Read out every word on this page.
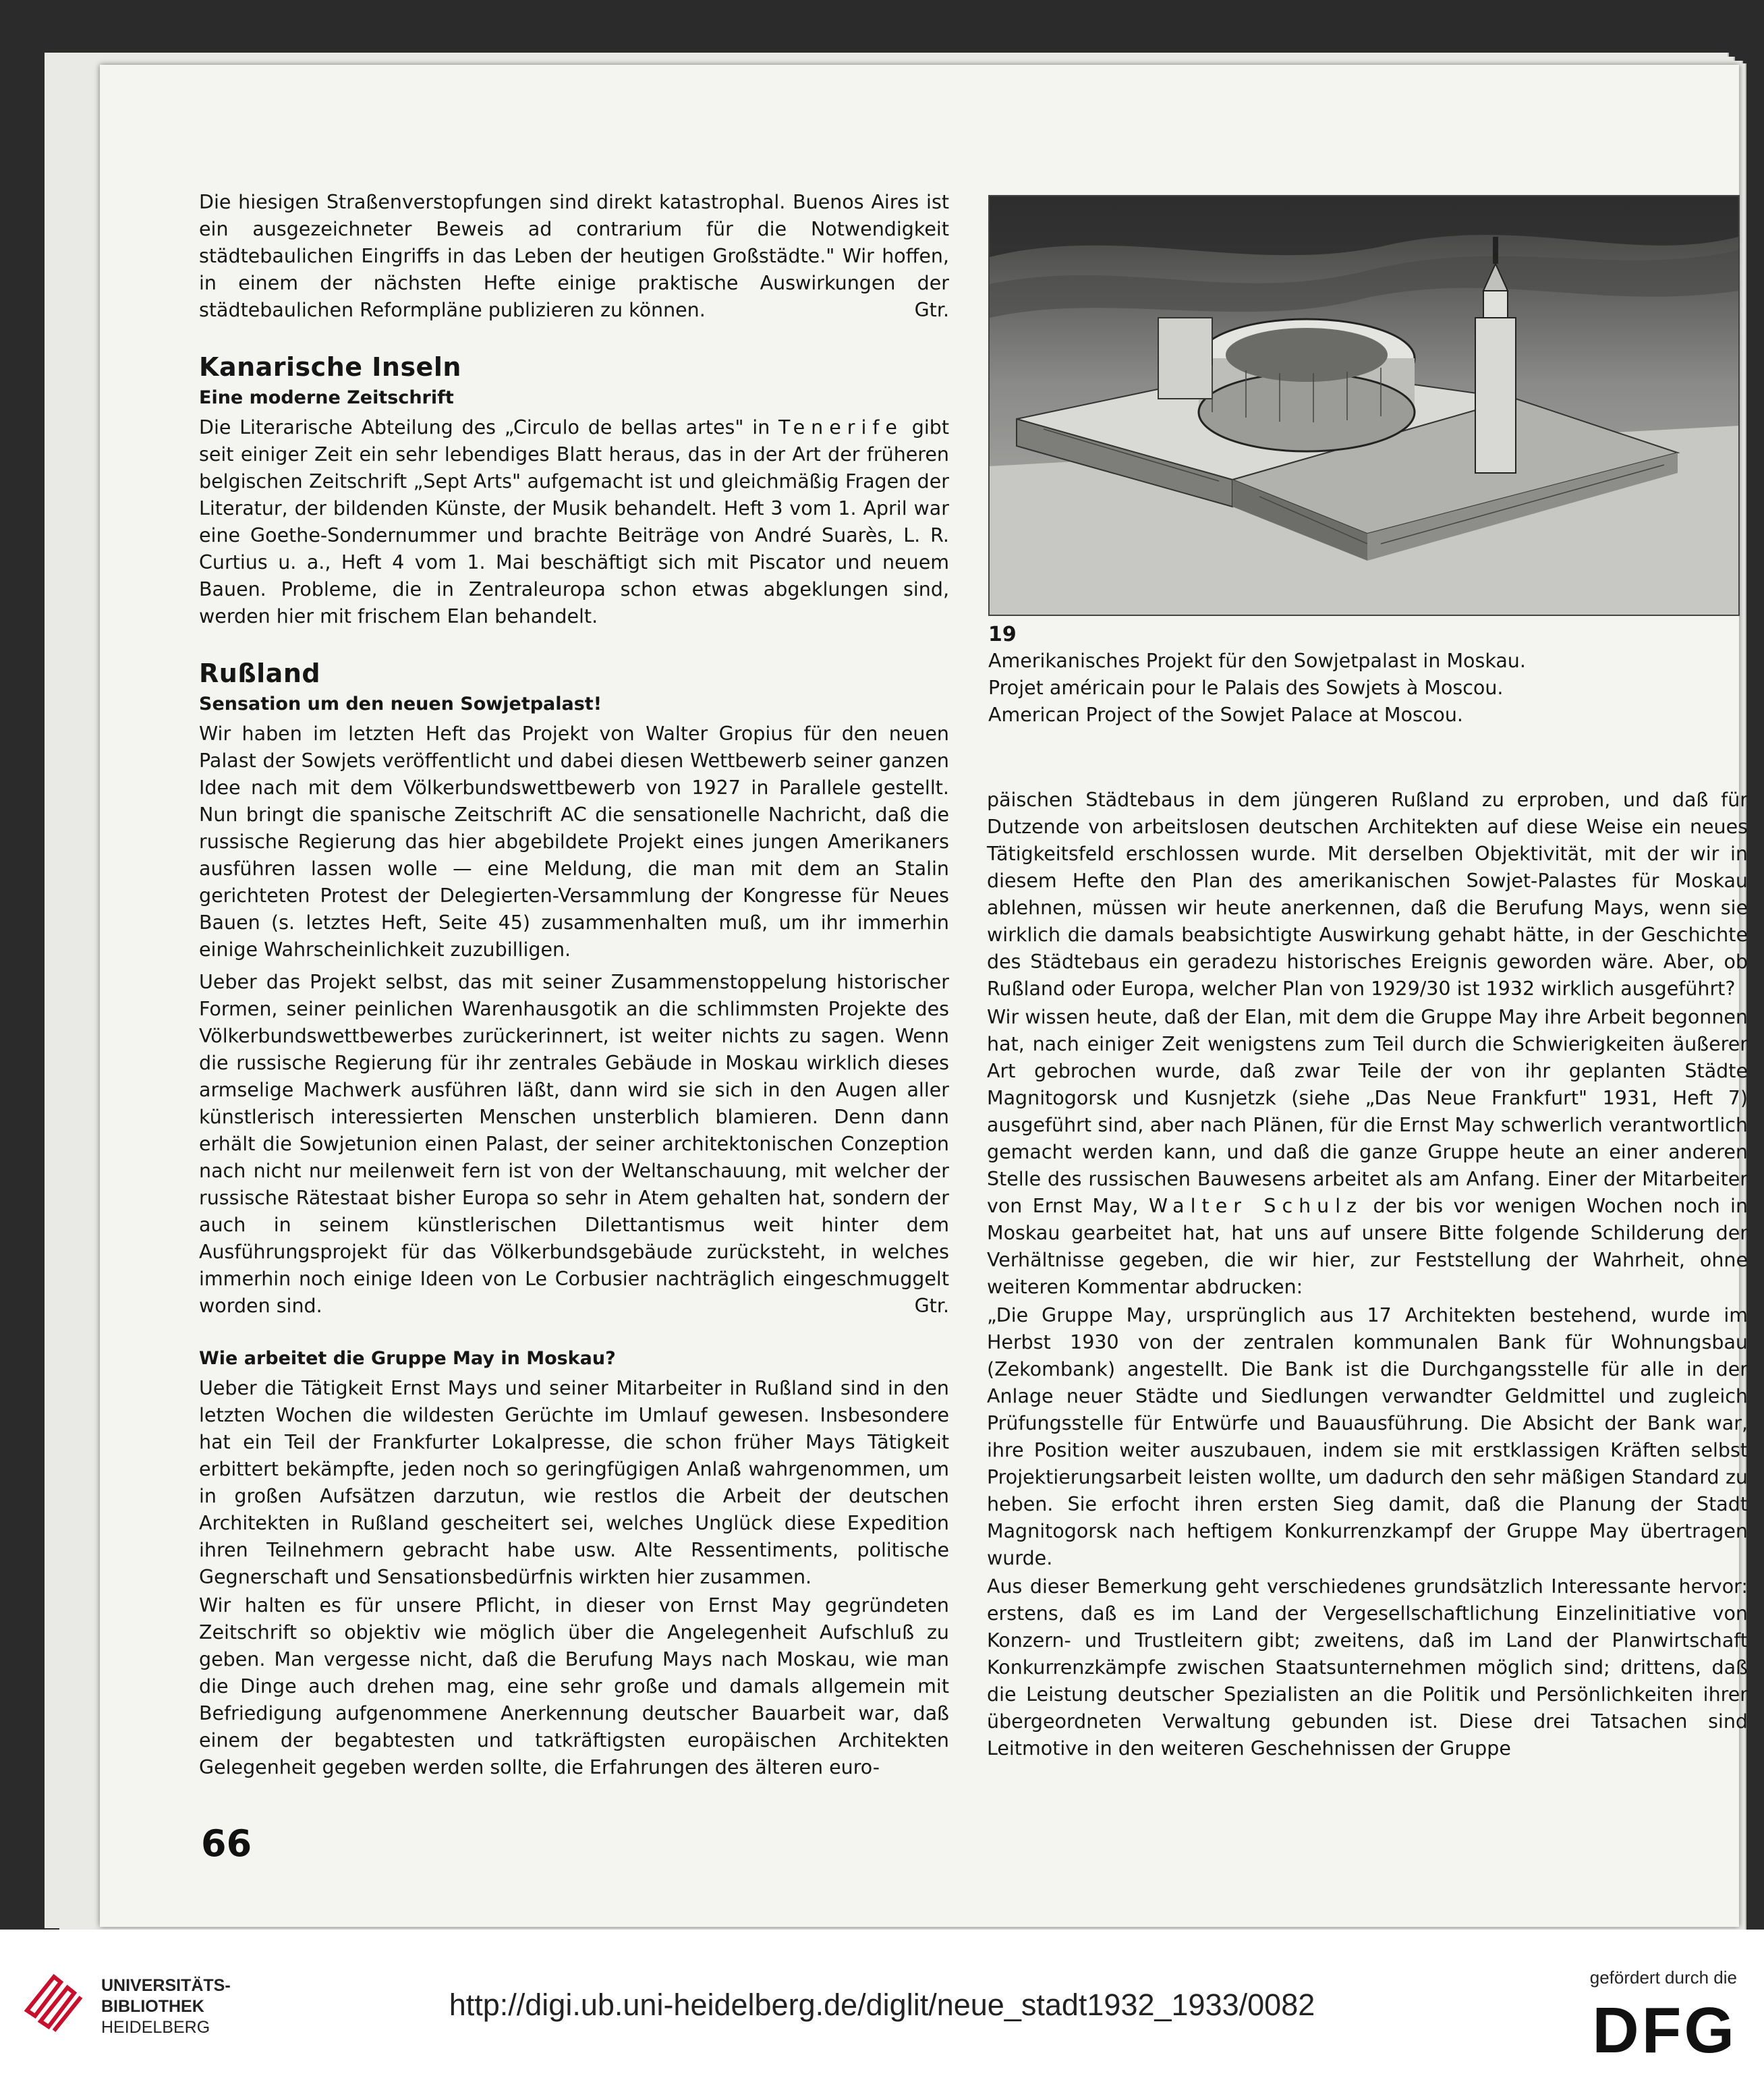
Die hiesigen Straßenverstopfungen sind direkt katastrophal. Buenos Aires ist ein ausgezeichneter Beweis ad contrarium für die Notwendigkeit städtebaulichen Eingriffs in das Leben der heutigen Großstädte." Wir hoffen, in einem der nächsten Hefte einige praktische Auswirkungen der städtebaulichen Reformpläne publizieren zu können.	Gtr.

Kanarische Inseln
Eine moderne Zeitschrift

Die Literarische Abteilung des „Circulo de bellas artes" in Tenerife gibt seit einiger Zeit ein sehr lebendiges Blatt heraus, das in der Art der früheren belgischen Zeitschrift „Sept Arts" aufgemacht ist und gleichmäßig Fragen der Literatur, der bildenden Künste, der Musik behandelt. Heft 3 vom 1. April war eine Goethe-Sondernummer und brachte Beiträge von André Suarès, L. R. Curtius u. a., Heft 4 vom 1. Mai beschäftigt sich mit Piscator und neuem Bauen. Probleme, die in Zentraleuropa schon etwas abgeklungen sind, werden hier mit frischem Elan behandelt.

Rußland
Sensation um den neuen Sowjetpalast!

Wir haben im letzten Heft das Projekt von Walter Gropius für den neuen Palast der Sowjets veröffentlicht und dabei diesen Wettbewerb seiner ganzen Idee nach mit dem Völkerbundswettbewerb von 1927 in Parallele gestellt. Nun bringt die spanische Zeitschrift AC die sensationelle Nachricht, daß die russische Regierung das hier abgebildete Projekt eines jungen Amerikaners ausführen lassen wolle — eine Meldung, die man mit dem an Stalin gerichteten Protest der Delegierten-Versammlung der Kongresse für Neues Bauen (s. letztes Heft, Seite 45) zusammenhalten muß, um ihr immerhin einige Wahrscheinlichkeit zuzubilligen.

Ueber das Projekt selbst, das mit seiner Zusammenstoppelung historischer Formen, seiner peinlichen Warenhausgotik an die schlimmsten Projekte des Völkerbundswettbewerbes zurückerinnert, ist weiter nichts zu sagen. Wenn die russische Regierung für ihr zentrales Gebäude in Moskau wirklich dieses armselige Machwerk ausführen läßt, dann wird sie sich in den Augen aller künstlerisch interessierten Menschen unsterblich blamieren. Denn dann erhält die Sowjetunion einen Palast, der seiner architektonischen Conzeption nach nicht nur meilenweit fern ist von der Weltanschauung, mit welcher der russische Rätestaat bisher Europa so sehr in Atem gehalten hat, sondern der auch in seinem künstlerischen Dilettantismus weit hinter dem Ausführungsprojekt für das Völkerbundsgebäude zurücksteht, in welches immerhin noch einige Ideen von Le Corbusier nachträglich eingeschmuggelt worden sind.	Gtr.

Wie arbeitet die Gruppe May in Moskau?

Ueber die Tätigkeit Ernst Mays und seiner Mitarbeiter in Rußland sind in den letzten Wochen die wildesten Gerüchte im Umlauf gewesen. Insbesondere hat ein Teil der Frankfurter Lokalpresse, die schon früher Mays Tätigkeit erbittert bekämpfte, jeden noch so geringfügigen Anlaß wahrgenommen, um in großen Aufsätzen darzutun, wie restlos die Arbeit der deutschen Architekten in Rußland gescheitert sei, welches Unglück diese Expedition ihren Teilnehmern gebracht habe usw. Alte Ressentiments, politische Gegnerschaft und Sensationsbedürfnis wirkten hier zusammen.

Wir halten es für unsere Pflicht, in dieser von Ernst May gegründeten Zeitschrift so objektiv wie möglich über die Angelegenheit Aufschluß zu geben. Man vergesse nicht, daß die Berufung Mays nach Moskau, wie man die Dinge auch drehen mag, eine sehr große und damals allgemein mit Befriedigung aufgenommene Anerkennung deutscher Bauarbeit war, daß einem der begabtesten und tatkräftigsten europäischen Architekten Gelegenheit gegeben werden sollte, die Erfahrungen des älteren euro-

19
Amerikanisches Projekt für den Sowjetpalast in Moskau.
Projet américain pour le Palais des Sowjets à Moscou.
American Project of the Sowjet Palace at Moscou.

päischen Städtebaus in dem jüngeren Rußland zu erproben, und daß für Dutzende von arbeitslosen deutschen Architekten auf diese Weise ein neues Tätigkeitsfeld erschlossen wurde. Mit derselben Objektivität, mit der wir in diesem Hefte den Plan des amerikanischen Sowjet-Palastes für Moskau ablehnen, müssen wir heute anerkennen, daß die Berufung Mays, wenn sie wirklich die damals beabsichtigte Auswirkung gehabt hätte, in der Geschichte des Städtebaus ein geradezu historisches Ereignis geworden wäre. Aber, ob Rußland oder Europa, welcher Plan von 1929/30 ist 1932 wirklich ausgeführt?

Wir wissen heute, daß der Elan, mit dem die Gruppe May ihre Arbeit begonnen hat, nach einiger Zeit wenigstens zum Teil durch die Schwierigkeiten äußerer Art gebrochen wurde, daß zwar Teile der von ihr geplanten Städte Magnitogorsk und Kusnjetzk (siehe „Das Neue Frankfurt" 1931, Heft 7) ausgeführt sind, aber nach Plänen, für die Ernst May schwerlich verantwortlich gemacht werden kann, und daß die ganze Gruppe heute an einer anderen Stelle des russischen Bauwesens arbeitet als am Anfang. Einer der Mitarbeiter von Ernst May, Walter Schulz der bis vor wenigen Wochen noch in Moskau gearbeitet hat, hat uns auf unsere Bitte folgende Schilderung der Verhältnisse gegeben, die wir hier, zur Feststellung der Wahrheit, ohne weiteren Kommentar abdrucken:

„Die Gruppe May, ursprünglich aus 17 Architekten bestehend, wurde im Herbst 1930 von der zentralen kommunalen Bank für Wohnungsbau (Zekombank) angestellt. Die Bank ist die Durchgangsstelle für alle in der Anlage neuer Städte und Siedlungen verwandter Geldmittel und zugleich Prüfungsstelle für Entwürfe und Bauausführung. Die Absicht der Bank war, ihre Position weiter auszubauen, indem sie mit erstklassigen Kräften selbst Projektierungsarbeit leisten wollte, um dadurch den sehr mäßigen Standard zu heben. Sie erfocht ihren ersten Sieg damit, daß die Planung der Stadt Magnitogorsk nach heftigem Konkurrenzkampf der Gruppe May übertragen wurde.

Aus dieser Bemerkung geht verschiedenes grundsätzlich Interessante hervor: erstens, daß es im Land der Vergesellschaftlichung Einzelinitiative von Konzern- und Trustleitern gibt; zweitens, daß im Land der Planwirtschaft Konkurrenzkämpfe zwischen Staatsunternehmen möglich sind; drittens, daß die Leistung deutscher Spezialisten an die Politik und Persönlichkeiten ihrer übergeordneten Verwaltung gebunden ist. Diese drei Tatsachen sind Leitmotive in den weiteren Geschehnissen der Gruppe

66
UNIVERSITÄTS-
BIBLIOTHEK
HEIDELBERG
http://digi.ub.uni-heidelberg.de/diglit/neue_stadt1932_1933/0082
gefördert durch die
DFG
